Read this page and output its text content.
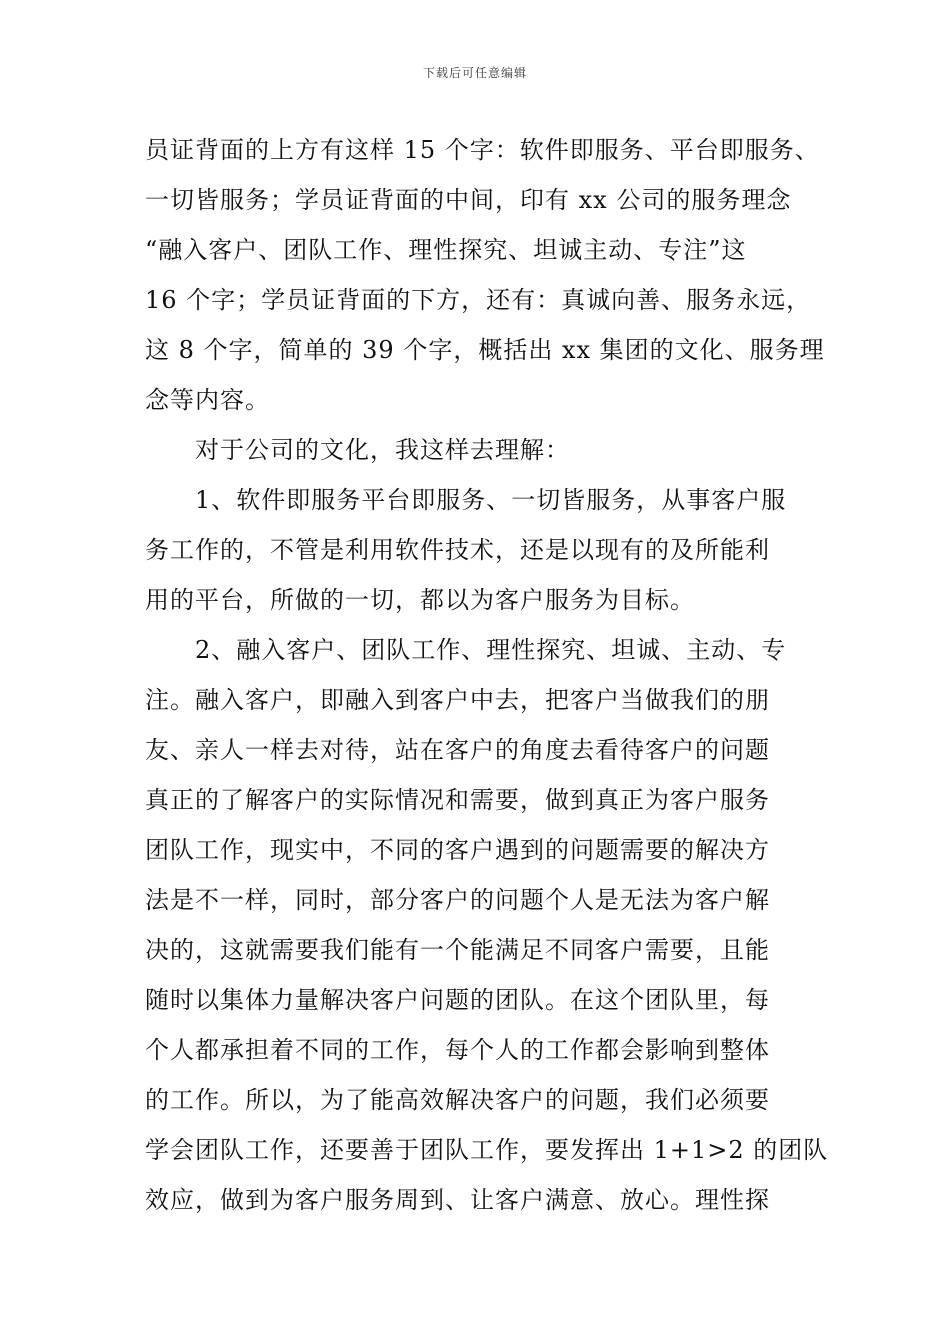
下载后可任意编辑
员证背面的上方有这样 15 个字：软件即服务、平台即服务、
一切皆服务；学员证背面的中间，印有 xx 公司的服务理念
“融入客户、团队工作、理性探究、坦诚主动、专注”这
16 个字；学员证背面的下方，还有：真诚向善、服务永远，
这 8 个字，简单的 39 个字，概括出 xx 集团的文化、服务理
念等内容。
对于公司的文化，我这样去理解：
1、软件即服务平台即服务、一切皆服务，从事客户服
务工作的，不管是利用软件技术，还是以现有的及所能利
用的平台，所做的一切，都以为客户服务为目标。
2、融入客户、团队工作、理性探究、坦诚、主动、专
注。融入客户，即融入到客户中去，把客户当做我们的朋
友、亲人一样去对待，站在客户的角度去看待客户的问题
真正的了解客户的实际情况和需要，做到真正为客户服务
团队工作，现实中，不同的客户遇到的问题需要的解决方
法是不一样，同时，部分客户的问题个人是无法为客户解
决的，这就需要我们能有一个能满足不同客户需要，且能
随时以集体力量解决客户问题的团队。在这个团队里，每
个人都承担着不同的工作，每个人的工作都会影响到整体
的工作。所以，为了能高效解决客户的问题，我们必须要
学会团队工作，还要善于团队工作，要发挥出 1+1>2 的团队
效应，做到为客户服务周到、让客户满意、放心。理性探
